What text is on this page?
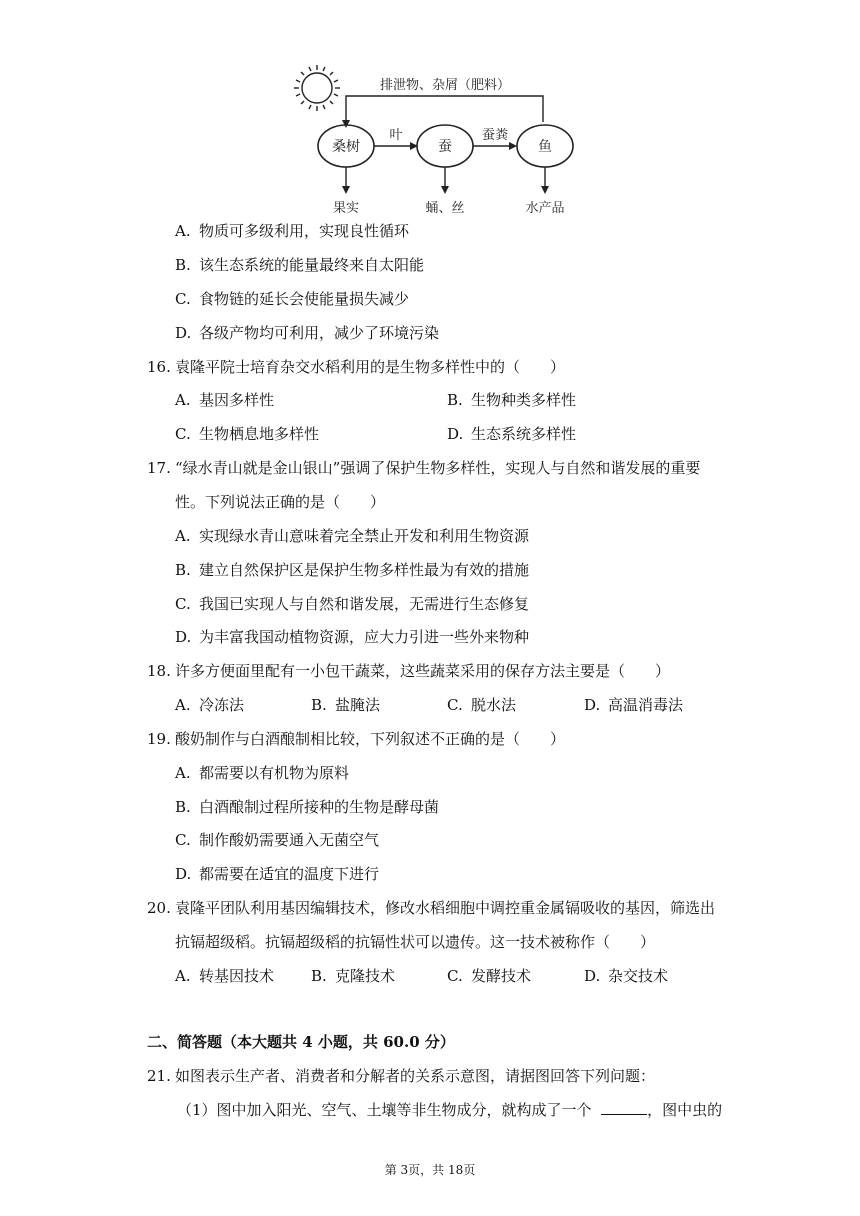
排泄物、杂屑（肥料）
桑树	蚕	鱼
叶	蚕粪
果实	蛹、丝	水产品
A. 物质可多级利用，实现良性循环
B. 该生态系统的能量最终来自太阳能
C. 食物链的延长会使能量损失减少
D. 各级产物均可利用，减少了环境污染
16. 袁隆平院士培育杂交水稻利用的是生物多样性中的（　　）
A. 基因多样性	B. 生物种类多样性
C. 生物栖息地多样性	D. 生态系统多样性
17. “绿水青山就是金山银山”强调了保护生物多样性，实现人与自然和谐发展的重要
性。下列说法正确的是（　　）
A. 实现绿水青山意味着完全禁止开发和利用生物资源
B. 建立自然保护区是保护生物多样性最为有效的措施
C. 我国已实现人与自然和谐发展，无需进行生态修复
D. 为丰富我国动植物资源，应大力引进一些外来物种
18. 许多方便面里配有一小包干蔬菜，这些蔬菜采用的保存方法主要是（　　）
A. 冷冻法	B. 盐腌法	C. 脱水法	D. 高温消毒法
19. 酸奶制作与白酒酿制相比较，下列叙述不正确的是（　　）
A. 都需要以有机物为原料
B. 白酒酿制过程所接种的生物是酵母菌
C. 制作酸奶需要通入无菌空气
D. 都需要在适宜的温度下进行
20. 袁隆平团队利用基因编辑技术，修改水稻细胞中调控重金属镉吸收的基因，筛选出
抗镉超级稻。抗镉超级稻的抗镉性状可以遗传。这一技术被称作（　　）
A. 转基因技术 B. 克隆技术	C. 发酵技术	D. 杂交技术
二、简答题（本大题共 4 小题，共 60.0 分）
21. 如图表示生产者、消费者和分解者的关系示意图，请据图回答下列问题：
（1）图中加入阳光、空气、土壤等非生物成分，就构成了一个	，图中虫的
第 3页，共 18页
